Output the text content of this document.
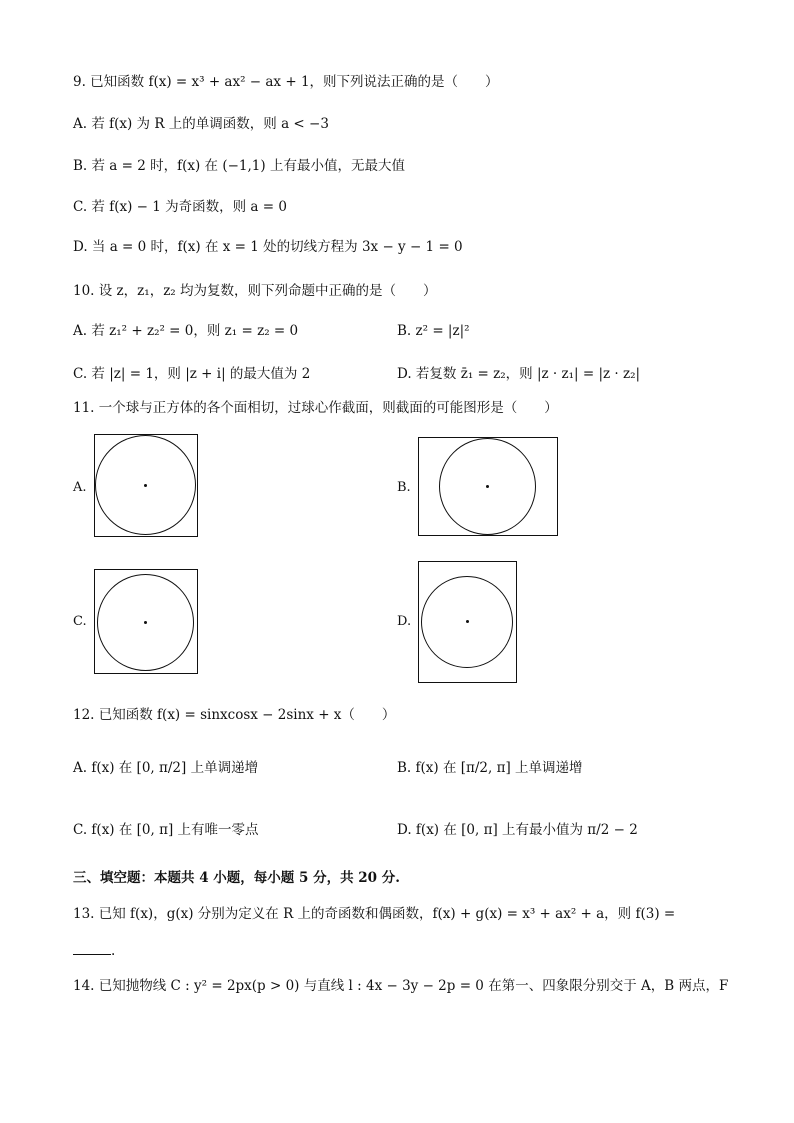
9. 已知函数 f(x) = x³ + ax² − ax + 1，则下列说法正确的是（　　）
A. 若 f(x) 为 R 上的单调函数，则 a < −3
B. 若 a = 2 时，f(x) 在 (−1,1) 上有最小值，无最大值
C. 若 f(x) − 1 为奇函数，则 a = 0
D. 当 a = 0 时，f(x) 在 x = 1 处的切线方程为 3x − y − 1 = 0
10. 设 z，z₁，z₂ 均为复数，则下列命题中正确的是（　　）
A. 若 z₁² + z₂² = 0，则 z₁ = z₂ = 0	B. z² = |z|²
C. 若 |z| = 1，则 |z + i| 的最大值为 2	D. 若复数 z̄₁ = z₂，则 |z · z₁| = |z · z₂|
11. 一个球与正方体的各个面相切，过球心作截面，则截面的可能图形是（　　）
A.	B.
C.	D.
12. 已知函数 f(x) = sinxcosx − 2sinx + x（　　）
A. f(x) 在 [0, π/2] 上单调递增	B. f(x) 在 [π/2, π] 上单调递增
C. f(x) 在 [0, π] 上有唯一零点	D. f(x) 在 [0, π] 上有最小值为 π/2 − 2
三、填空题：本题共 4 小题，每小题 5 分，共 20 分.
13. 已知 f(x)，g(x) 分别为定义在 R 上的奇函数和偶函数，f(x) + g(x) = x³ + ax² + a，则 f(3) =
.
14. 已知抛物线 C : y² = 2px(p > 0) 与直线 l : 4x − 3y − 2p = 0 在第一、四象限分别交于 A，B 两点，F
